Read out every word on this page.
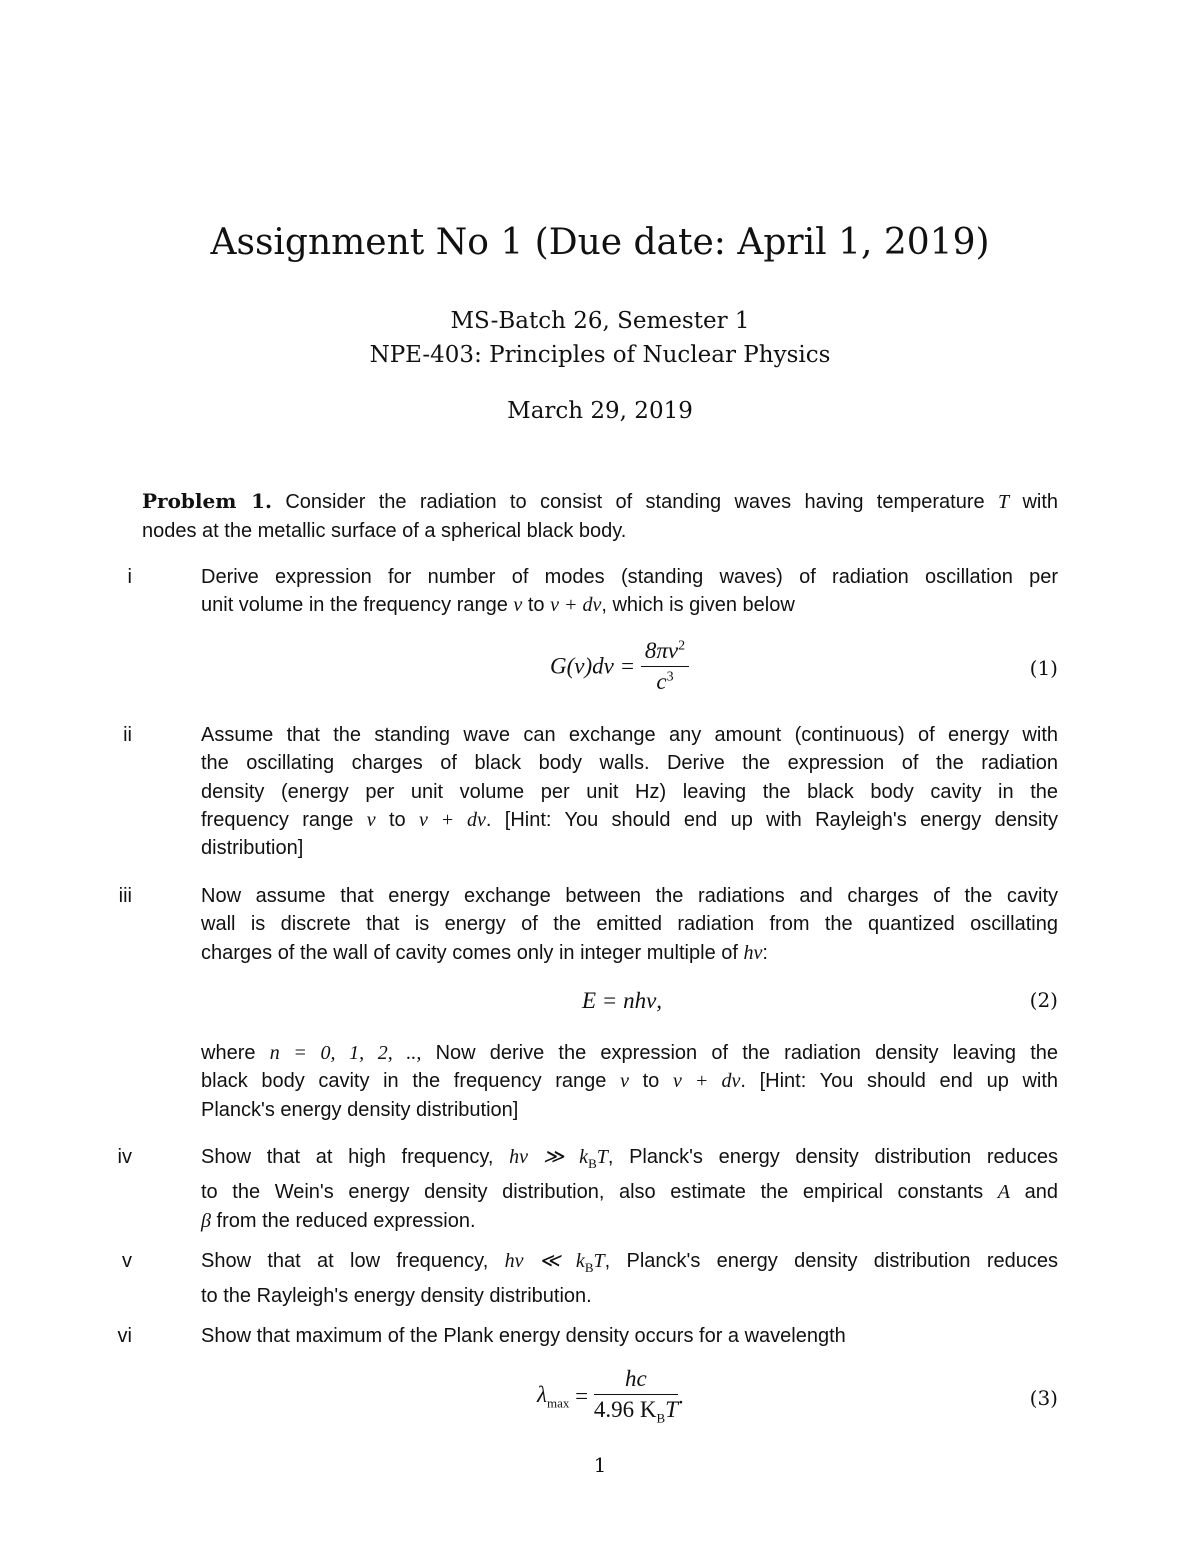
Assignment No 1 (Due date: April 1, 2019)
MS-Batch 26, Semester 1
NPE-403: Principles of Nuclear Physics
March 29, 2019
Problem 1. Consider the radiation to consist of standing waves having temperature T with
nodes at the metallic surface of a spherical black body.
i	Derive expression for number of modes (standing waves) of radiation oscillation per
unit volume in the frequency range ν to ν + dν, which is given below
$G(\nu)d\nu = \frac{8\pi\nu^2}{c^3}$	(1)
ii	Assume that the standing wave can exchange any amount (continuous) of energy with
the oscillating charges of black body walls. Derive the expression of the radiation
density (energy per unit volume per unit Hz) leaving the black body cavity in the
frequency range ν to ν + dν. [Hint: You should end up with Rayleigh's energy density
distribution]
iii	Now assume that energy exchange between the radiations and charges of the cavity
wall is discrete that is energy of the emitted radiation from the quantized oscillating
charges of the wall of cavity comes only in integer multiple of hν:
E = nhν,	(2)
where n = 0, 1, 2, .., Now derive the expression of the radiation density leaving the
black body cavity in the frequency range ν to ν + dν. [Hint: You should end up with
Planck's energy density distribution]
iv	Show that at high frequency, hν ≫ $k_BT$, Planck's energy density distribution reduces
to the Wein's energy density distribution, also estimate the empirical constants A and
β from the reduced expression.
v	Show that at low frequency, hν ≪ $k_BT$, Planck's energy density distribution reduces
to the Rayleigh's energy density distribution.
vi	Show that maximum of the Plank energy density occurs for a wavelength
$\lambda_{max} = \frac{hc}{4.96 K_BT}$ .	(3)
1
